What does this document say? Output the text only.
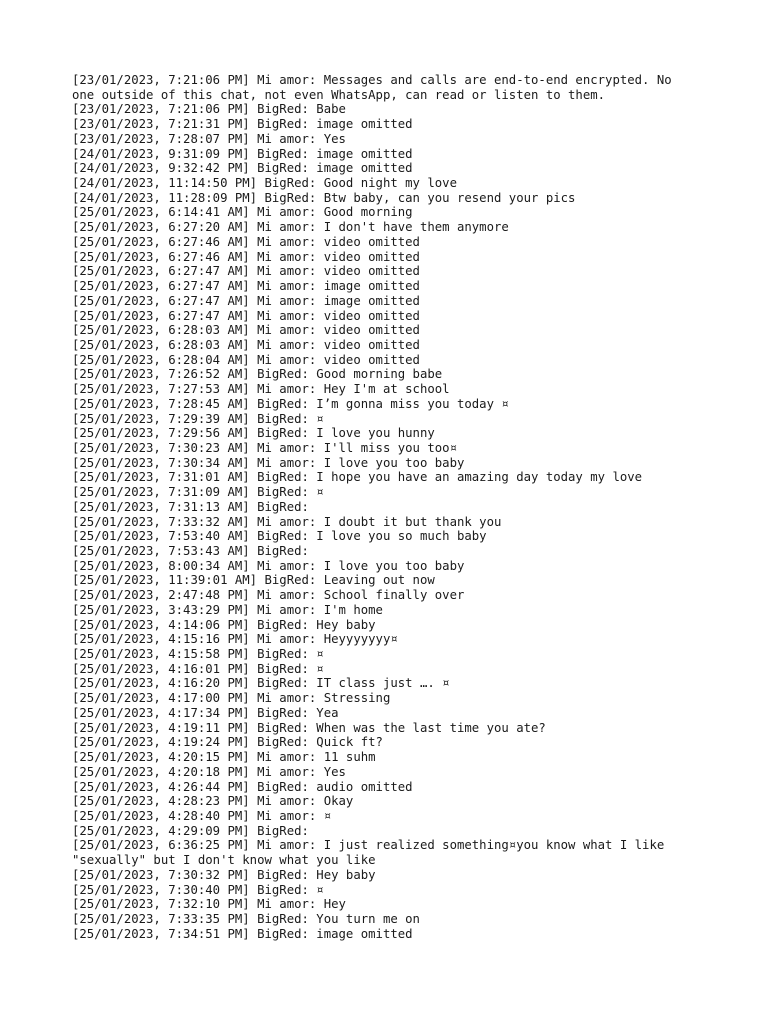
[23/01/2023, 7:21:06 PM] Mi amor: Messages and calls are end-to-end encrypted. No
one outside of this chat, not even WhatsApp, can read or listen to them.
[23/01/2023, 7:21:06 PM] BigRed: Babe
[23/01/2023, 7:21:31 PM] BigRed: image omitted
[23/01/2023, 7:28:07 PM] Mi amor: Yes
[24/01/2023, 9:31:09 PM] BigRed: image omitted
[24/01/2023, 9:32:42 PM] BigRed: image omitted
[24/01/2023, 11:14:50 PM] BigRed: Good night my love
[24/01/2023, 11:28:09 PM] BigRed: Btw baby, can you resend your pics
[25/01/2023, 6:14:41 AM] Mi amor: Good morning
[25/01/2023, 6:27:20 AM] Mi amor: I don't have them anymore
[25/01/2023, 6:27:46 AM] Mi amor: video omitted
[25/01/2023, 6:27:46 AM] Mi amor: video omitted
[25/01/2023, 6:27:47 AM] Mi amor: video omitted
[25/01/2023, 6:27:47 AM] Mi amor: image omitted
[25/01/2023, 6:27:47 AM] Mi amor: image omitted
[25/01/2023, 6:27:47 AM] Mi amor: video omitted
[25/01/2023, 6:28:03 AM] Mi amor: video omitted
[25/01/2023, 6:28:03 AM] Mi amor: video omitted
[25/01/2023, 6:28:04 AM] Mi amor: video omitted
[25/01/2023, 7:26:52 AM] BigRed: Good morning babe
[25/01/2023, 7:27:53 AM] Mi amor: Hey I'm at school
[25/01/2023, 7:28:45 AM] BigRed: I’m gonna miss you today ¤
[25/01/2023, 7:29:39 AM] BigRed: ¤
[25/01/2023, 7:29:56 AM] BigRed: I love you hunny
[25/01/2023, 7:30:23 AM] Mi amor: I'll miss you too¤
[25/01/2023, 7:30:34 AM] Mi amor: I love you too baby
[25/01/2023, 7:31:01 AM] BigRed: I hope you have an amazing day today my love
[25/01/2023, 7:31:09 AM] BigRed: ¤
[25/01/2023, 7:31:13 AM] BigRed:
[25/01/2023, 7:33:32 AM] Mi amor: I doubt it but thank you
[25/01/2023, 7:53:40 AM] BigRed: I love you so much baby
[25/01/2023, 7:53:43 AM] BigRed:
[25/01/2023, 8:00:34 AM] Mi amor: I love you too baby
[25/01/2023, 11:39:01 AM] BigRed: Leaving out now
[25/01/2023, 2:47:48 PM] Mi amor: School finally over
[25/01/2023, 3:43:29 PM] Mi amor: I'm home
[25/01/2023, 4:14:06 PM] BigRed: Hey baby
[25/01/2023, 4:15:16 PM] Mi amor: Heyyyyyyy¤
[25/01/2023, 4:15:58 PM] BigRed: ¤
[25/01/2023, 4:16:01 PM] BigRed: ¤
[25/01/2023, 4:16:20 PM] BigRed: IT class just …. ¤
[25/01/2023, 4:17:00 PM] Mi amor: Stressing
[25/01/2023, 4:17:34 PM] BigRed: Yea
[25/01/2023, 4:19:11 PM] BigRed: When was the last time you ate?
[25/01/2023, 4:19:24 PM] BigRed: Quick ft?
[25/01/2023, 4:20:15 PM] Mi amor: 11 suhm
[25/01/2023, 4:20:18 PM] Mi amor: Yes
[25/01/2023, 4:26:44 PM] BigRed: audio omitted
[25/01/2023, 4:28:23 PM] Mi amor: Okay
[25/01/2023, 4:28:40 PM] Mi amor: ¤
[25/01/2023, 4:29:09 PM] BigRed:
[25/01/2023, 6:36:25 PM] Mi amor: I just realized something¤you know what I like
"sexually" but I don't know what you like
[25/01/2023, 7:30:32 PM] BigRed: Hey baby
[25/01/2023, 7:30:40 PM] BigRed: ¤
[25/01/2023, 7:32:10 PM] Mi amor: Hey
[25/01/2023, 7:33:35 PM] BigRed: You turn me on
[25/01/2023, 7:34:51 PM] BigRed: image omitted
